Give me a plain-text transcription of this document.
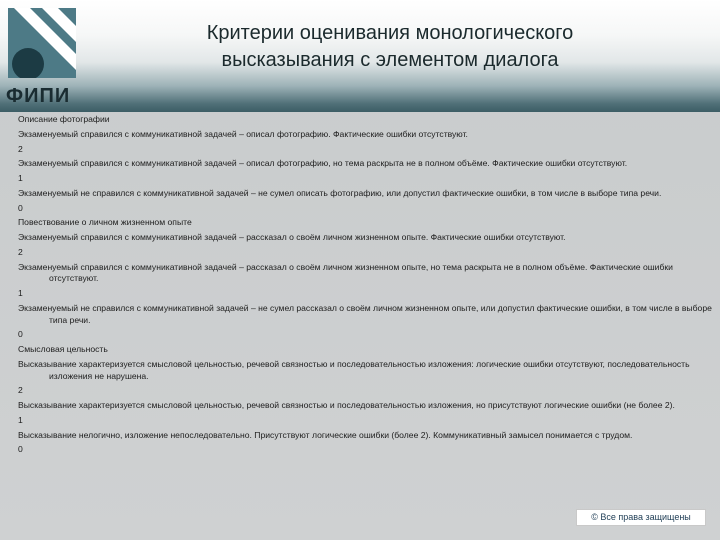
ФИПИ
Критерии оценивания монологического
высказывания с элементом диалога
Описание фотографии
Экзаменуемый справился с коммуникативной задачей – описал фотографию. Фактические ошибки отсутствуют.
2
Экзаменуемый справился с коммуникативной задачей – описал фотографию, но тема раскрыта не в полном объёме. Фактические ошибки отсутствуют.
1
Экзаменуемый не справился с коммуникативной задачей – не сумел описать фотографию, или допустил фактические ошибки, в том числе в выборе типа речи.
0
Повествование о личном жизненном опыте
Экзаменуемый справился с коммуникативной задачей – рассказал о своём личном жизненном опыте. Фактические ошибки отсутствуют.
2
Экзаменуемый справился с коммуникативной задачей – рассказал о своём личном жизненном опыте, но тема раскрыта не в полном объёме. Фактические ошибки отсутствуют.
1
Экзаменуемый не справился с коммуникативной задачей – не сумел рассказал о своём личном жизненном опыте, или допустил фактические ошибки, в том числе в выборе типа речи.
0
Смысловая цельность
Высказывание характеризуется смысловой цельностью, речевой связностью и последовательностью изложения: логические ошибки отсутствуют, последовательность изложения не нарушена.
2
Высказывание характеризуется смысловой цельностью, речевой связностью и последовательностью изложения, но присутствуют логические ошибки (не более 2).
1
Высказывание нелогично, изложение непоследовательно. Присутствуют логические ошибки (более 2). Коммуникативный замысел понимается с трудом.
0
© Все права защищены
